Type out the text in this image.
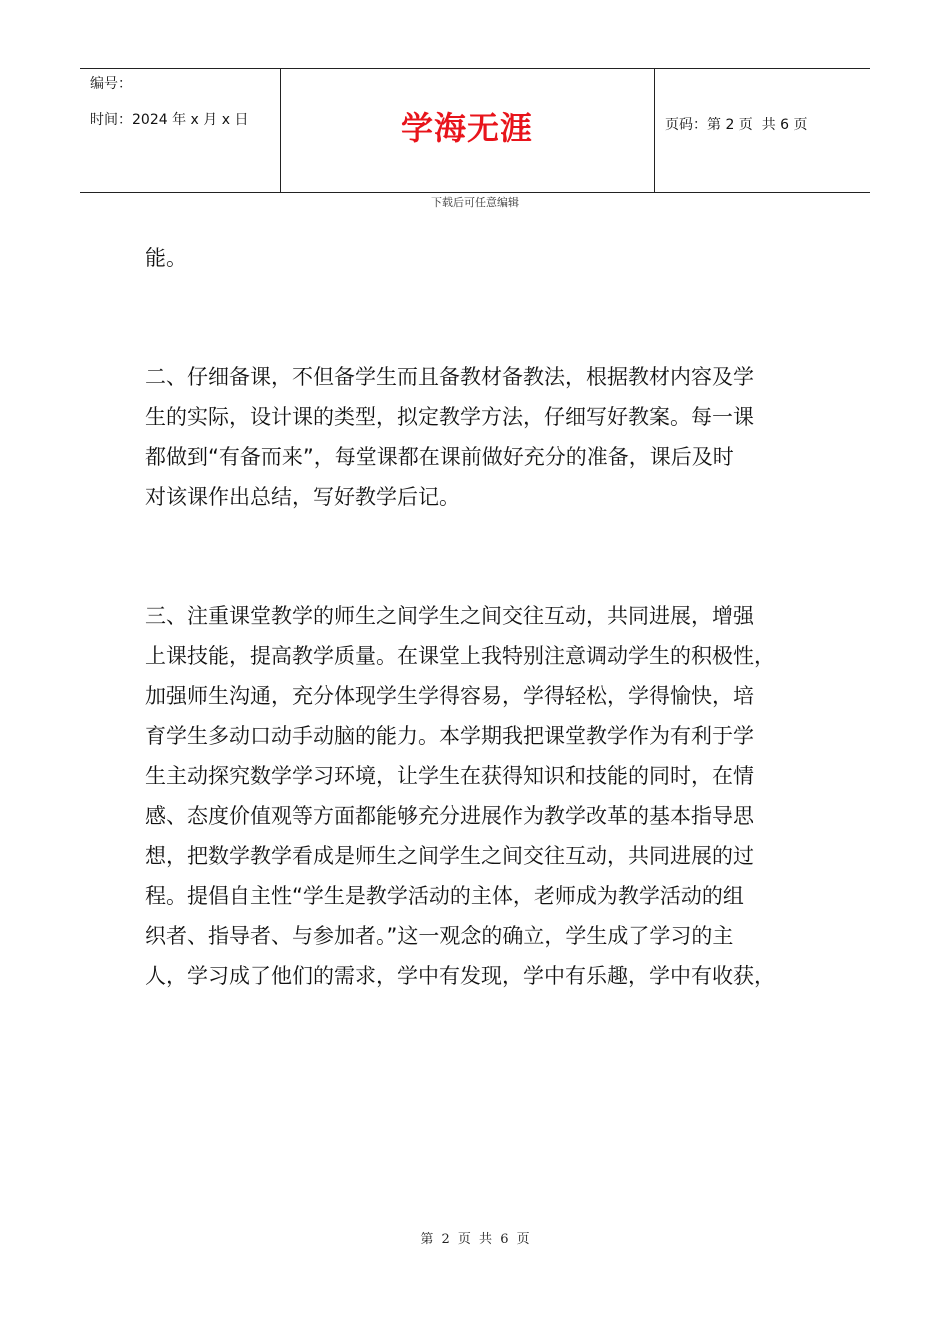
编号：
时间：2024 年 x 月 x 日	学海无涯	页码：第 2 页  共 6 页
下载后可任意编辑

能。

二、仔细备课，不但备学生而且备教材备教法，根据教材内容及学
生的实际，设计课的类型，拟定教学方法，仔细写好教案。每一课
都做到“有备而来”，每堂课都在课前做好充分的准备，课后及时
对该课作出总结，写好教学后记。

三、注重课堂教学的师生之间学生之间交往互动，共同进展，增强
上课技能，提高教学质量。在课堂上我特别注意调动学生的积极性，
加强师生沟通，充分体现学生学得容易，学得轻松，学得愉快，培
育学生多动口动手动脑的能力。本学期我把课堂教学作为有利于学
生主动探究数学学习环境，让学生在获得知识和技能的同时，在情
感、态度价值观等方面都能够充分进展作为教学改革的基本指导思
想，把数学教学看成是师生之间学生之间交往互动，共同进展的过
程。提倡自主性“学生是教学活动的主体，老师成为教学活动的组
织者、指导者、与参加者。”这一观念的确立，学生成了学习的主
人，学习成了他们的需求，学中有发现，学中有乐趣，学中有收获，

第 2 页 共 6 页
